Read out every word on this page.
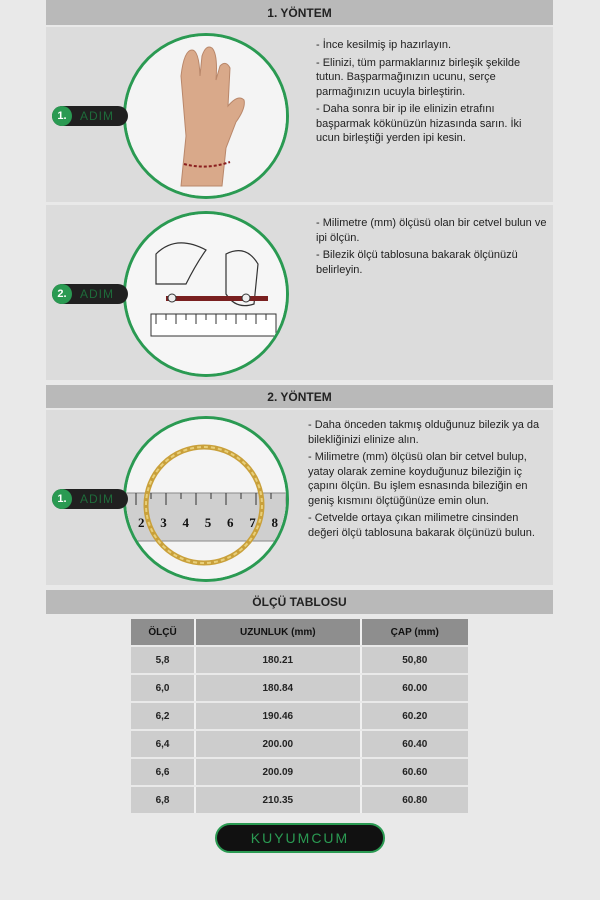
1. YÖNTEM
1.	ADIM

- İnce kesilmiş ip hazırlayın.

- Elinizi, tüm parmaklarınız birleşik şekilde tutun. Başparmağınızın ucunu, serçe parmağınızın ucuyla birleştirin.

- Daha sonra bir ip ile elinizin etrafını başparmak kökünüzün hizasında sarın. İki ucun birleştiği yerden ipi kesin.

2.	ADIM

- Milimetre (mm) ölçüsü olan bir cetvel bulun ve ipi ölçün.

- Bilezik ölçü tablosuna bakarak ölçünüzü belirleyin.

2. YÖNTEM
2 3 4 5 6 7 8
1.	ADIM

- Daha önceden takmış olduğunuz bilezik ya da bilekliğinizi elinize alın.

- Milimetre (mm) ölçüsü olan bir cetvel bulup, yatay olarak zemine koyduğunuz bileziğin iç çapını ölçün. Bu işlem esnasında bileziğin en geniş kısmını ölçtüğünüze emin olun.

- Cetvelde ortaya çıkan milimetre cinsinden değeri ölçü tablosuna bakarak ölçünüzü bulun.

ÖLÇÜ TABLOSU
ÖLÇÜ	UZUNLUK (mm)	ÇAP (mm)
5,8	180.21	50,80
6,0	180.84	60.00
6,2	190.46	60.20
6,4	200.00	60.40
6,6	200.09	60.60
6,8	210.35	60.80
KUYUMCUM
